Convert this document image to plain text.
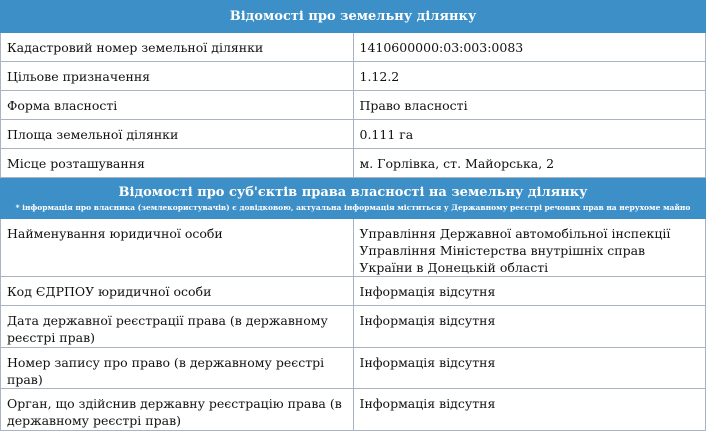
Відомості про земельну ділянку	
Кадастровий номер земельної ділянки	1410600000:03:003:0083
Цільове призначення	1.12.2
Форма власності	Право власності
Площа земельної ділянки	0.111 га
Місце розташування	м. Горлівка, ст. Майорська, 2
Відомості про суб'єктів права власності на земельну ділянку
* інформація про власника (землекористувачів) є довідковою, актуальна інформація міститься у Державному реєстрі речових прав на нерухоме майно	

Найменування юридичної особи	Управління Державної автомобільної інспекції Управління Міністерства внутрішніх справ України в Донецькій області
Код ЄДРПОУ юридичної особи	Інформація відсутня
Дата державної реєстрації права (в державному реєстрі прав)	Інформація відсутня
Номер запису про право (в державному реєстрі прав)	Інформація відсутня
Орган, що здійснив державну реєстрацію права (в державному реєстрі прав)	Інформація відсутня
